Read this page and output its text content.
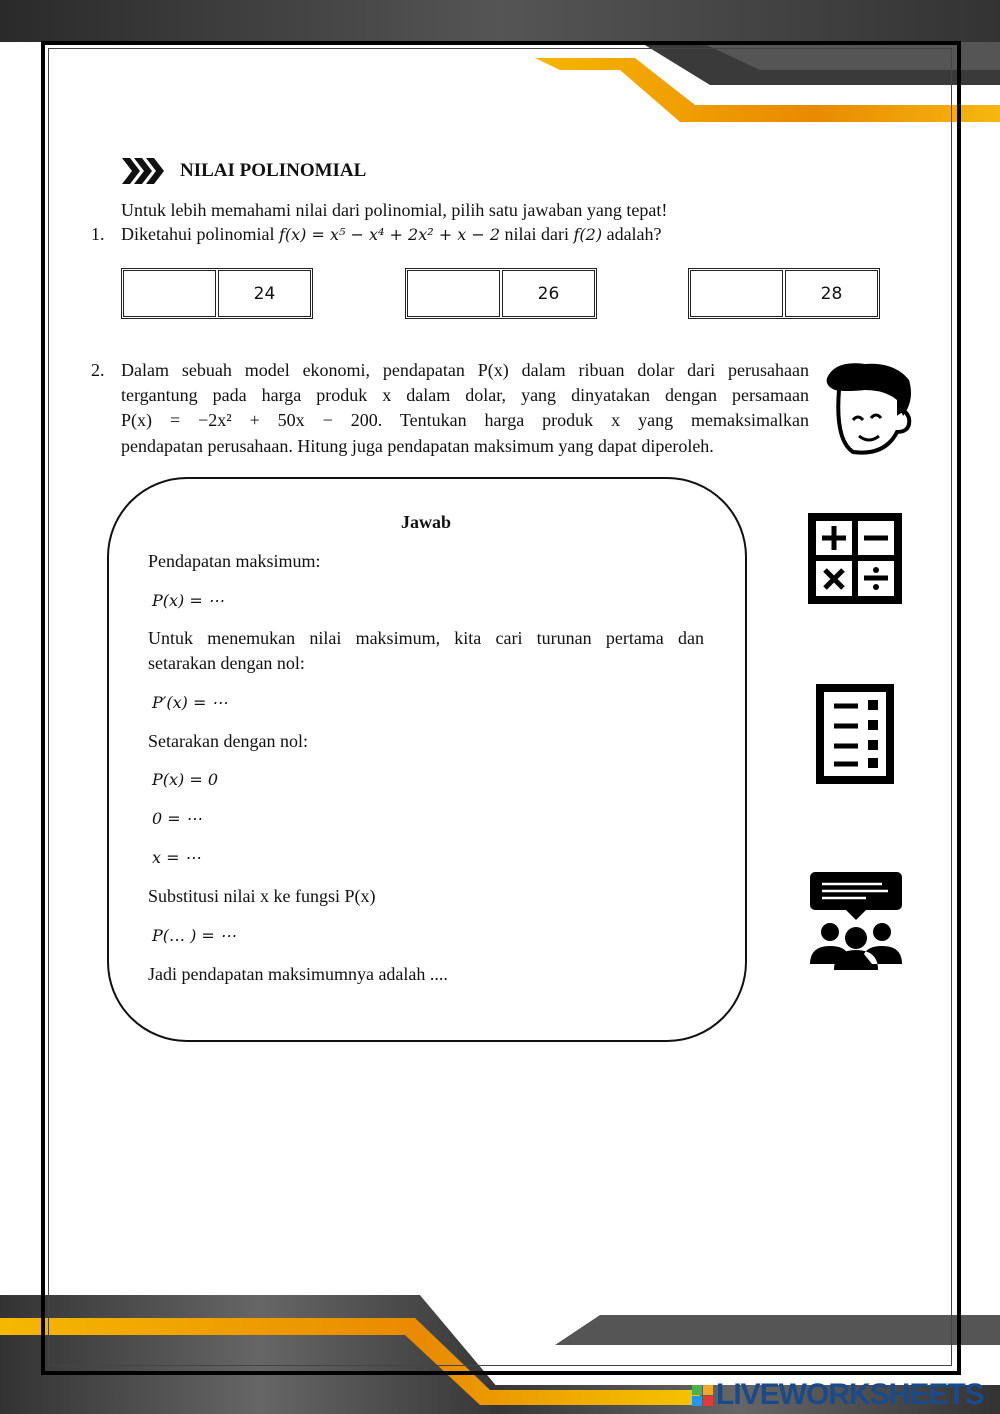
NILAI POLINOMIAL
Untuk lebih memahami nilai dari polinomial, pilih satu jawaban yang tepat!
1. Diketahui polinomial f(x) = x⁵ − x⁴ + 2x² + x − 2 nilai dari f(2) adalah?
24	26	28
2. Dalam sebuah model ekonomi, pendapatan P(x) dalam ribuan dolar dari perusahaan
tergantung pada harga produk x dalam dolar, yang dinyatakan dengan persamaan
P(x) = −2x² + 50x − 200. Tentukan harga produk x yang memaksimalkan
pendapatan perusahaan. Hitung juga pendapatan maksimum yang dapat diperoleh.
Jawab
Pendapatan maksimum:
P(x) = ⋯
Untuk menemukan nilai maksimum, kita cari turunan pertama dan
setarakan dengan nol:
P′(x) = ⋯
Setarakan dengan nol:
P(x) = 0
0 = ⋯
x = ⋯
Substitusi nilai x ke fungsi P(x)
P(… ) = ⋯
Jadi pendapatan maksimumnya adalah ....
LIVEWORKSHEETS
